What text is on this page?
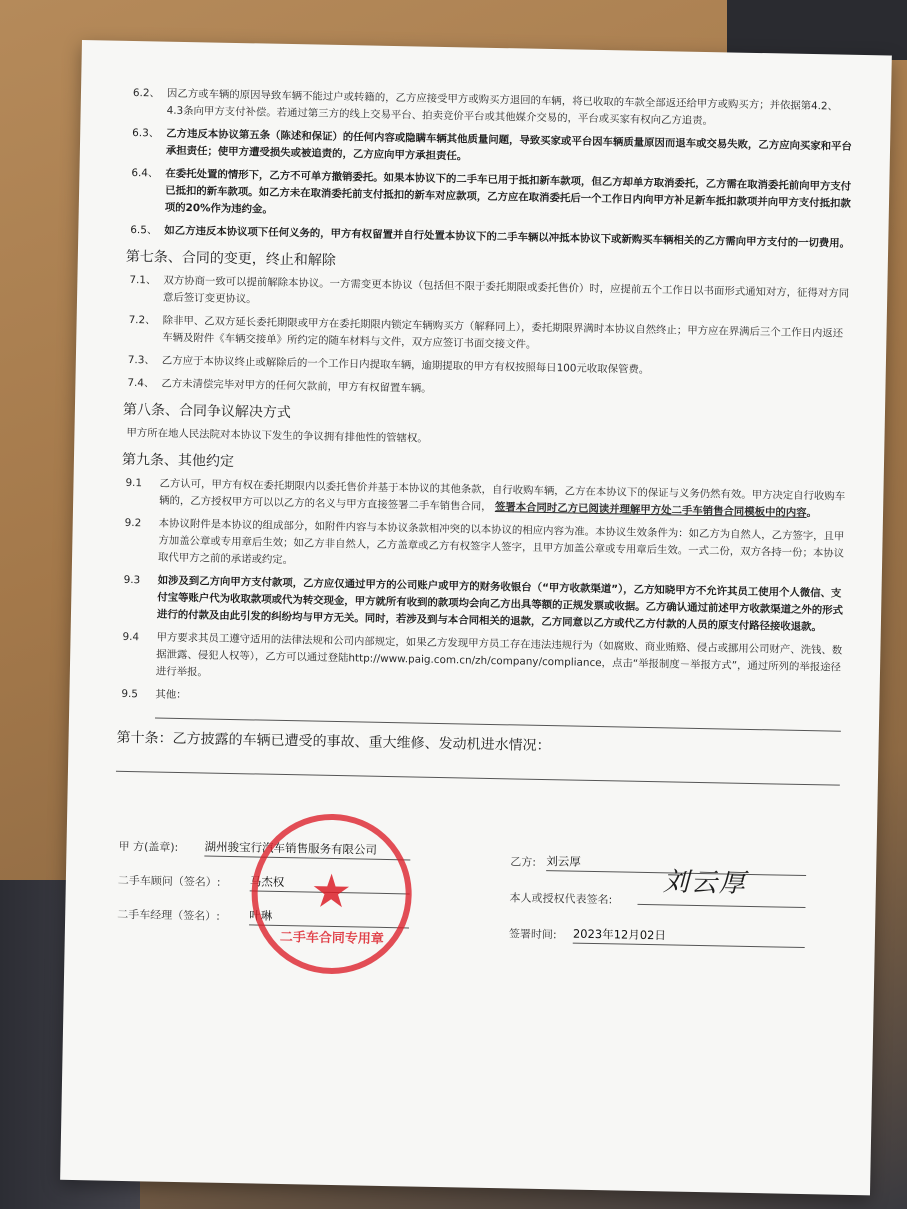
6.2、 因乙方或车辆的原因导致车辆不能过户或转籍的，乙方应接受甲方或购买方退回的车辆，将已收取的车款全部返还给甲方或购买方；并依据第4.2、4.3条向甲方支付补偿。若通过第三方的线上交易平台、拍卖竞价平台或其他媒介交易的，平台或买家有权向乙方追责。
6.3、 乙方违反本协议第五条（陈述和保证）的任何内容或隐瞒车辆其他质量问题，导致买家或平台因车辆质量原因而退车或交易失败，乙方应向买家和平台承担责任；使甲方遭受损失或被追责的，乙方应向甲方承担责任。
6.4、 在委托处置的情形下，乙方不可单方撤销委托。如果本协议下的二手车已用于抵扣新车款项，但乙方却单方取消委托，乙方需在取消委托前向甲方支付已抵扣的新车款项。如乙方未在取消委托前支付抵扣的新车对应款项，乙方应在取消委托后一个工作日内向甲方补足新车抵扣款项并向甲方支付抵扣款项的20%作为违约金。
6.5、 如乙方违反本协议项下任何义务的，甲方有权留置并自行处置本协议下的二手车辆以冲抵本协议下或新购买车辆相关的乙方需向甲方支付的一切费用。
第七条、合同的变更，终止和解除
7.1、 双方协商一致可以提前解除本协议。一方需变更本协议（包括但不限于委托期限或委托售价）时，应提前五个工作日以书面形式通知对方，征得对方同意后签订变更协议。
7.2、 除非甲、乙双方延长委托期限或甲方在委托期限内锁定车辆购买方（解释同上），委托期限界满时本协议自然终止；甲方应在界满后三个工作日内返还车辆及附件《车辆交接单》所约定的随车材料与文件，双方应签订书面交接文件。
7.3、 乙方应于本协议终止或解除后的一个工作日内提取车辆，逾期提取的甲方有权按照每日100元收取保管费。
7.4、 乙方未清偿完毕对甲方的任何欠款前，甲方有权留置车辆。
第八条、合同争议解决方式
甲方所在地人民法院对本协议下发生的争议拥有排他性的管辖权。
第九条、其他约定
9.1 乙方认可，甲方有权在委托期限内以委托售价并基于本协议的其他条款，自行收购车辆，乙方在本协议下的保证与义务仍然有效。甲方决定自行收购车辆的，乙方授权甲方可以以乙方的名义与甲方直接签署二手车销售合同， 签署本合同时乙方已阅读并理解甲方处二手车销售合同模板中的内容。
9.2 本协议附件是本协议的组成部分，如附件内容与本协议条款相冲突的以本协议的相应内容为准。本协议生效条件为：如乙方为自然人，乙方签字，且甲方加盖公章或专用章后生效；如乙方非自然人，乙方盖章或乙方有权签字人签字，且甲方加盖公章或专用章后生效。一式二份，双方各持一份；本协议取代甲方之前的承诺或约定。
9.3 如涉及到乙方向甲方支付款项，乙方应仅通过甲方的公司账户或甲方的财务收银台（“甲方收款渠道”），乙方知晓甲方不允许其员工使用个人微信、支付宝等账户代为收取款项或代为转交现金，甲方就所有收到的款项均会向乙方出具等额的正规发票或收据。乙方确认通过前述甲方收款渠道之外的形式进行的付款及由此引发的纠纷均与甲方无关。同时，若涉及到与本合同相关的退款，乙方同意以乙方或代乙方付款的人员的原支付路径接收退款。
9.4 甲方要求其员工遵守适用的法律法规和公司内部规定，如果乙方发现甲方员工存在违法违规行为（如腐败、商业贿赂、侵占或挪用公司财产、洗钱、数据泄露、侵犯人权等），乙方可以通过登陆http://www.paig.com.cn/zh/company/compliance，点击“举报制度－举报方式”，通过所列的举报途径进行举报。
9.5 其他：
第十条：乙方披露的车辆已遭受的事故、重大维修、发动机进水情况：
甲 方(盖章): 湖州骏宝行汽车销售服务有限公司
二手车顾问（签名）:	马杰权
二手车经理（签名）:	叶琳 ★
二手车合同专用章
乙方: 刘云厚
本人或授权代表签名: 刘云厚
签署时间: 2023年12月02日
